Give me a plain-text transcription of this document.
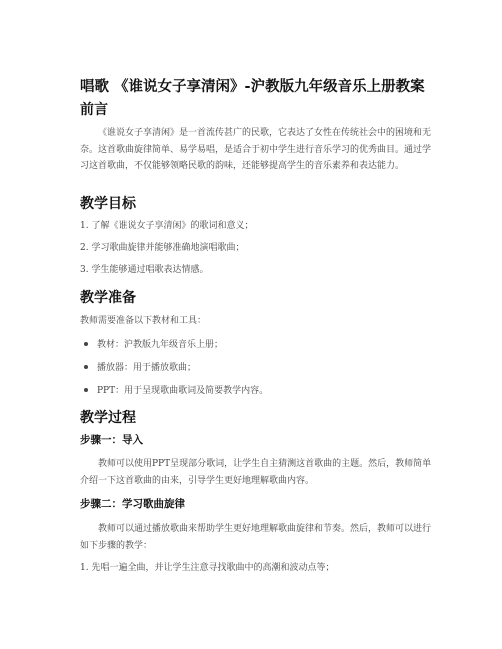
唱歌 《谁说女子享清闲》-沪教版九年级音乐上册教案
前言

《谁说女子享清闲》是一首流传甚广的民歌，它表达了女性在传统社会中的困境和无奈。这首歌曲旋律简单、易学易唱，是适合于初中学生进行音乐学习的优秀曲目。通过学习这首歌曲，不仅能够领略民歌的韵味，还能够提高学生的音乐素养和表达能力。

教学目标
1. 了解《谁说女子享清闲》的歌词和意义；
2. 学习歌曲旋律并能够准确地演唱歌曲；
3. 学生能够通过唱歌表达情感。
教学准备
教师需要准备以下教材和工具：
教材：沪教版九年级音乐上册；
播放器：用于播放歌曲；
PPT：用于呈现歌曲歌词及简要教学内容。
教学过程
步骤一：导入

教师可以使用PPT呈现部分歌词，让学生自主猜测这首歌曲的主题。然后，教师简单介绍一下这首歌曲的由来，引导学生更好地理解歌曲内容。

步骤二：学习歌曲旋律

教师可以通过播放歌曲来帮助学生更好地理解歌曲旋律和节奏。然后，教师可以进行如下步骤的教学：

1. 先唱一遍全曲，并让学生注意寻找歌曲中的高潮和波动点等；
